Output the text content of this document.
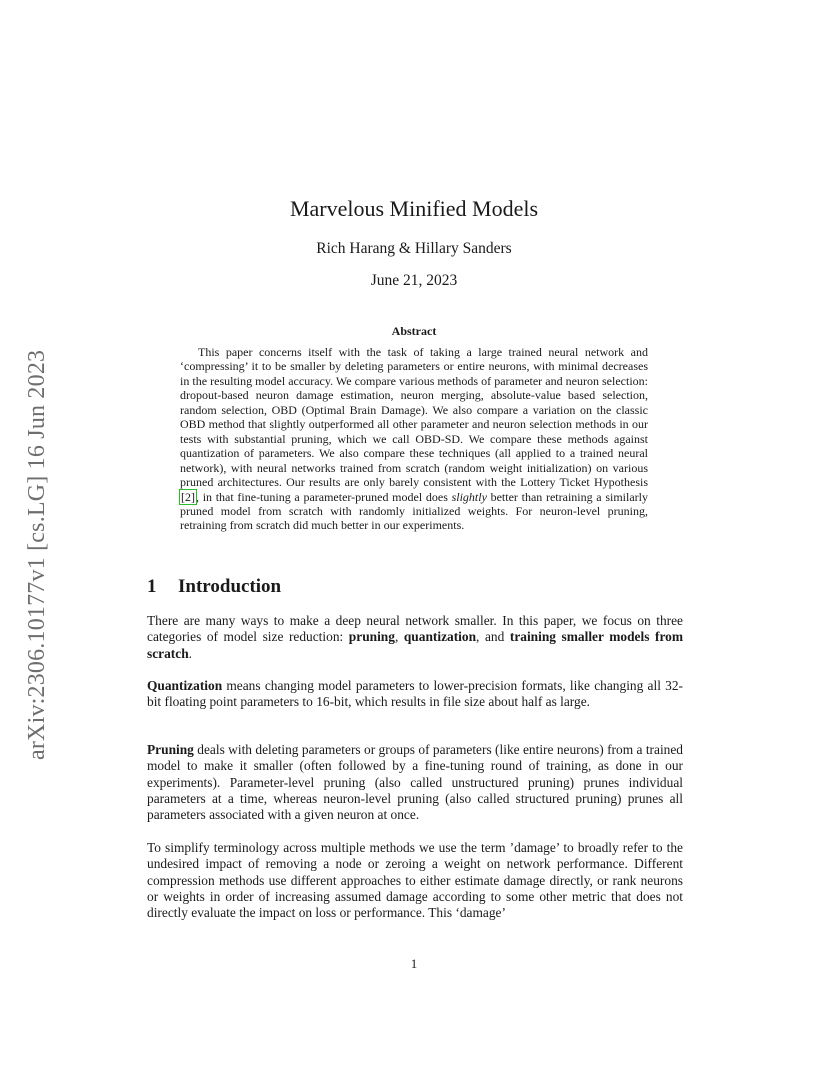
arXiv:2306.10177v1 [cs.LG] 16 Jun 2023
Marvelous Minified Models
Rich Harang & Hillary Sanders
June 21, 2023
Abstract

This paper concerns itself with the task of taking a large trained neural network and ‘compressing’ it to be smaller by deleting parameters or entire neurons, with minimal decreases in the resulting model accuracy. We compare various methods of parameter and neuron selection: dropout-based neuron damage estimation, neuron merging, absolute-value based selection, random selection, OBD (Optimal Brain Damage). We also compare a variation on the classic OBD method that slightly outperformed all other parameter and neuron selection methods in our tests with substantial pruning, which we call OBD-SD. We compare these methods against quantization of parameters. We also compare these techniques (all applied to a trained neural network), with neural networks trained from scratch (random weight initialization) on various pruned architectures. Our results are only barely consistent with the Lottery Ticket Hypothesis [2], in that fine-tuning a parameter-pruned model does slightly better than retraining a similarly pruned model from scratch with randomly initialized weights. For neuron-level pruning, retraining from scratch did much better in our experiments.

1 Introduction

There are many ways to make a deep neural network smaller. In this paper, we focus on three categories of model size reduction: pruning, quantization, and training smaller models from scratch.

Quantization means changing model parameters to lower-precision formats, like changing all 32-bit floating point parameters to 16-bit, which results in file size about half as large.

Pruning deals with deleting parameters or groups of parameters (like entire neurons) from a trained model to make it smaller (often followed by a fine-tuning round of training, as done in our experiments). Parameter-level pruning (also called unstructured pruning) prunes individual parameters at a time, whereas neuron-level pruning (also called structured pruning) prunes all parameters associated with a given neuron at once.

To simplify terminology across multiple methods we use the term ’damage’ to broadly refer to the undesired impact of removing a node or zeroing a weight on network performance. Different compression methods use different approaches to either estimate damage directly, or rank neurons or weights in order of increasing assumed damage according to some other metric that does not directly evaluate the impact on loss or performance. This ‘damage’

1
